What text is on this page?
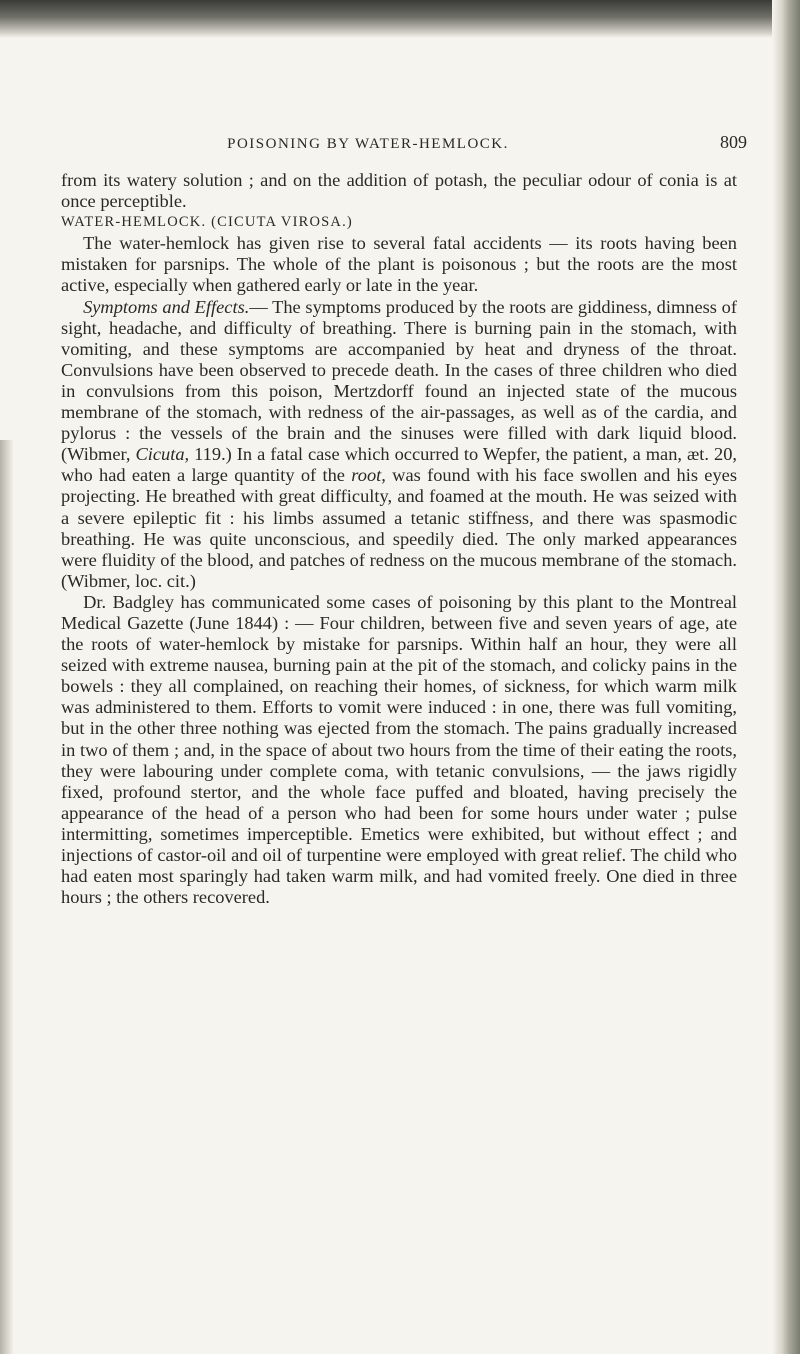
POISONING BY WATER-HEMLOCK.	809

from its watery solution ; and on the addition of potash, the peculiar odour of conia is at once perceptible.

WATER-HEMLOCK. (CICUTA VIROSA.)

The water-hemlock has given rise to several fatal accidents — its roots having been mistaken for parsnips. The whole of the plant is poisonous ; but the roots are the most active, especially when gathered early or late in the year.

Symptoms and Effects.— The symptoms produced by the roots are giddiness, dimness of sight, headache, and difficulty of breathing. There is burning pain in the stomach, with vomiting, and these symptoms are accompanied by heat and dryness of the throat. Convulsions have been observed to precede death. In the cases of three children who died in convulsions from this poison, Mertzdorff found an injected state of the mucous membrane of the stomach, with redness of the air-passages, as well as of the cardia, and pylorus : the vessels of the brain and the sinuses were filled with dark liquid blood. (Wibmer, Cicuta, 119.) In a fatal case which occurred to Wepfer, the patient, a man, æt. 20, who had eaten a large quantity of the root, was found with his face swollen and his eyes projecting. He breathed with great difficulty, and foamed at the mouth. He was seized with a severe epileptic fit : his limbs assumed a tetanic stiffness, and there was spasmodic breathing. He was quite unconscious, and speedily died. The only marked appearances were fluidity of the blood, and patches of redness on the mucous membrane of the stomach. (Wibmer, loc. cit.)

Dr. Badgley has communicated some cases of poisoning by this plant to the Montreal Medical Gazette (June 1844) : — Four children, between five and seven years of age, ate the roots of water-hemlock by mistake for parsnips. Within half an hour, they were all seized with extreme nausea, burning pain at the pit of the stomach, and colicky pains in the bowels : they all complained, on reaching their homes, of sickness, for which warm milk was administered to them. Efforts to vomit were induced : in one, there was full vomiting, but in the other three nothing was ejected from the stomach. The pains gradually increased in two of them ; and, in the space of about two hours from the time of their eating the roots, they were labouring under complete coma, with tetanic convulsions, — the jaws rigidly fixed, profound stertor, and the whole face puffed and bloated, having precisely the appearance of the head of a person who had been for some hours under water ; pulse intermitting, sometimes imperceptible. Emetics were exhibited, but without effect ; and injections of castor-oil and oil of turpentine were employed with great relief. The child who had eaten most sparingly had taken warm milk, and had vomited freely. One died in three hours ; the others recovered.
